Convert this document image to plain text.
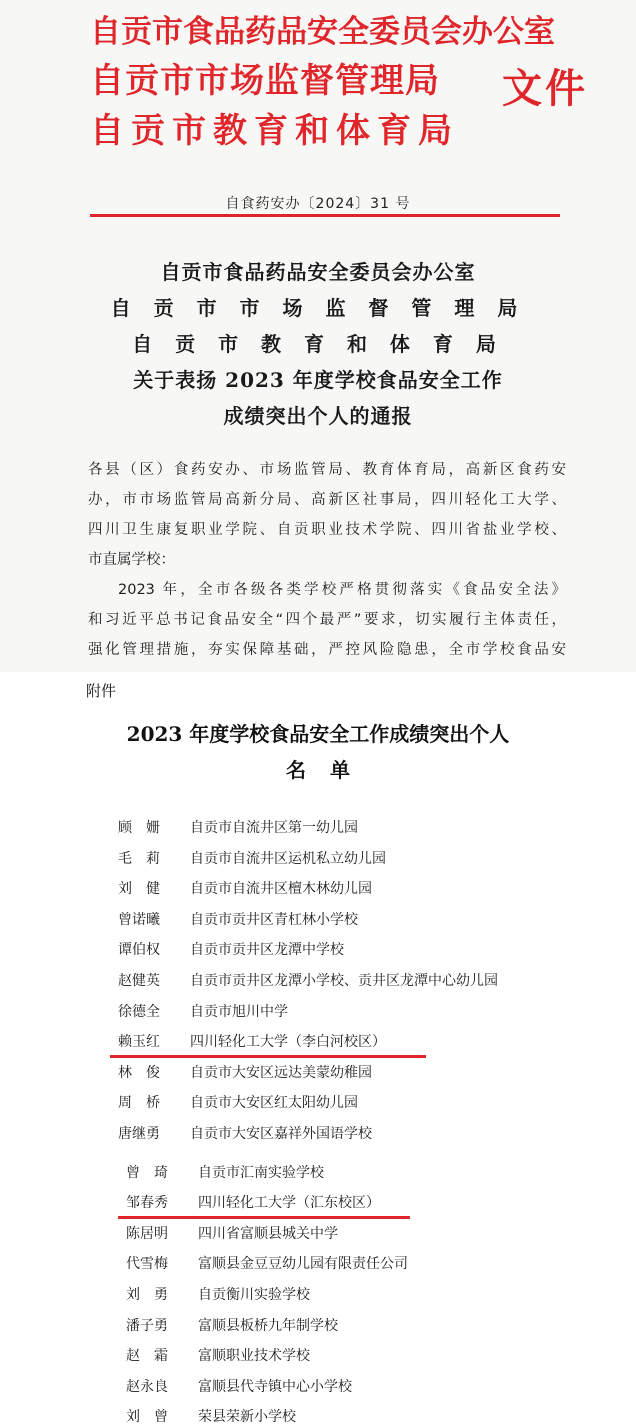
自贡市食品药品安全委员会办公室
自贡市市场监督管理局
自贡市教育和体育局
文件
自食药安办〔2024〕31 号
自贡市食品药品安全委员会办公室
自 贡 市 市 场 监 督 管 理 局
自 贡 市 教 育 和 体 育 局
关于表扬 2023 年度学校食品安全工作
成绩突出个人的通报
各县（区）食药安办、市场监管局、教育体育局，高新区食药安
办，市市场监管局高新分局、高新区社事局，四川轻化工大学、
四川卫生康复职业学院、自贡职业技术学院、四川省盐业学校、
市直属学校：
2023 年，全市各级各类学校严格贯彻落实《食品安全法》
和习近平总书记食品安全“四个最严”要求，切实履行主体责任，
强化管理措施，夯实保障基础，严控风险隐患，全市学校食品安
附件
2023 年度学校食品安全工作成绩突出个人
名单
顾　姗 自贡市自流井区第一幼儿园
毛　莉 自贡市自流井区运机私立幼儿园
刘　健 自贡市自流井区檀木林幼儿园
曾诺曦 自贡市贡井区青杠林小学校
谭伯权 自贡市贡井区龙潭中学校
赵健英 自贡市贡井区龙潭小学校、贡井区龙潭中心幼儿园
徐德全 自贡市旭川中学
赖玉红 四川轻化工大学（李白河校区）
林　俊 自贡市大安区远达美蒙幼稚园
周　桥 自贡市大安区红太阳幼儿园
唐继勇 自贡市大安区嘉祥外国语学校
曾　琦 自贡市汇南实验学校
邹春秀 四川轻化工大学（汇东校区）
陈居明 四川省富顺县城关中学
代雪梅 富顺县金豆豆幼儿园有限责任公司
刘　勇 自贡衡川实验学校
潘子勇 富顺县板桥九年制学校
赵　霜 富顺职业技术学校
赵永良 富顺县代寺镇中心小学校
刘　曾 荣县荣新小学校
